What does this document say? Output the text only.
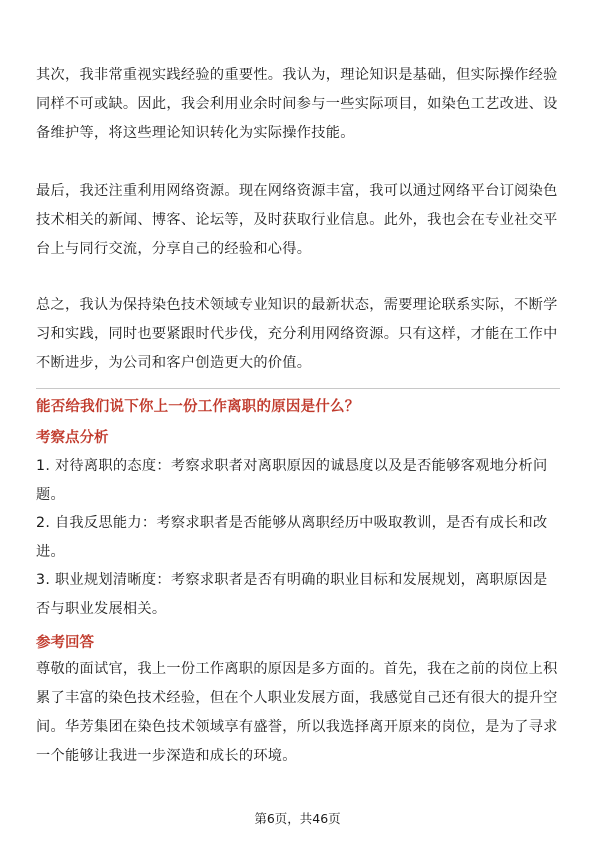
其次，我非常重视实践经验的重要性。我认为，理论知识是基础，但实际操作经验同样不可或缺。因此，我会利用业余时间参与一些实际项目，如染色工艺改进、设备维护等，将这些理论知识转化为实际操作技能。

最后，我还注重利用网络资源。现在网络资源丰富，我可以通过网络平台订阅染色技术相关的新闻、博客、论坛等，及时获取行业信息。此外，我也会在专业社交平台上与同行交流，分享自己的经验和心得。

总之，我认为保持染色技术领域专业知识的最新状态，需要理论联系实际，不断学习和实践，同时也要紧跟时代步伐，充分利用网络资源。只有这样，才能在工作中不断进步，为公司和客户创造更大的价值。

能否给我们说下你上一份工作离职的原因是什么？

考察点分析

1. 对待离职的态度：考察求职者对离职原因的诚恳度以及是否能够客观地分析问题。

2. 自我反思能力：考察求职者是否能够从离职经历中吸取教训，是否有成长和改进。

3. 职业规划清晰度：考察求职者是否有明确的职业目标和发展规划，离职原因是否与职业发展相关。

参考回答

尊敬的面试官，我上一份工作离职的原因是多方面的。首先，我在之前的岗位上积累了丰富的染色技术经验，但在个人职业发展方面，我感觉自己还有很大的提升空间。华芳集团在染色技术领域享有盛誉，所以我选择离开原来的岗位，是为了寻求一个能够让我进一步深造和成长的环境。

第6页，共46页
